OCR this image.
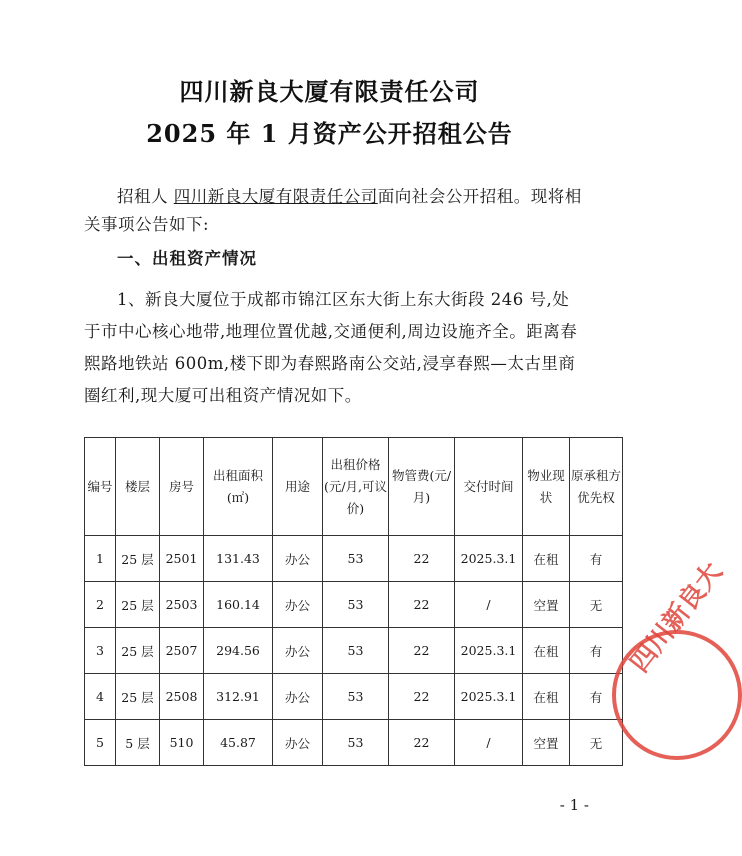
四川新良大厦有限责任公司
2025 年 1 月资产公开招租公告
招租人 四川新良大厦有限责任公司面向社会公开招租。现将相关事项公告如下:
一、出租资产情况
1、新良大厦位于成都市锦江区东大街上东大街段 246 号,处于市中心核心地带,地理位置优越,交通便利,周边设施齐全。距离春熙路地铁站 600m,楼下即为春熙路南公交站,浸享春熙—太古里商圈红利,现大厦可出租资产情况如下。
编号	楼层	房号	出租面积(㎡)	用途	出租价格(元/月,可议价)	物管费(元/月)	交付时间	物业现状	原承租方优先权
1	25 层	2501	131.43	办公	53	22	2025.3.1	在租	有
2	25 层	2503	160.14	办公	53	22	/	空置	无
3	25 层	2507	294.56	办公	53	22	2025.3.1	在租	有
4	25 层	2508	312.91	办公	53	22	2025.3.1	在租	有
5	5 层	510	45.87	办公	53	22	/	空置	无
四川新良大
- 1 -
